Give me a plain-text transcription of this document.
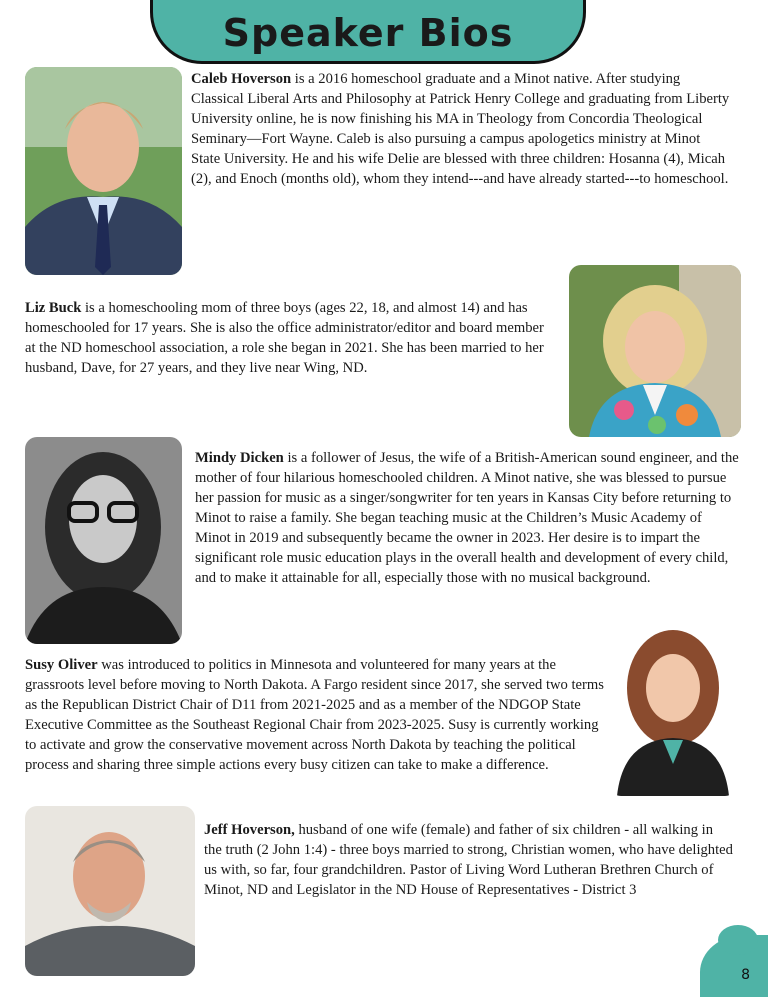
Speaker Bios

Caleb Hoverson is a 2016 homeschool graduate and a Minot native. After studying Classical Liberal Arts and Philosophy at Patrick Henry College and graduating from Liberty University online, he is now finishing his MA in Theology from Concordia Theological Seminary—Fort Wayne. Caleb is also pursuing a campus apologetics ministry at Minot State University. He and his wife Delie are blessed with three children: Hosanna (4), Micah (2), and Enoch (months old), whom they intend---and have already started---to homeschool.

Liz Buck is a homeschooling mom of three boys (ages 22, 18, and almost 14) and has homeschooled for 17 years. She is also the office administrator/editor and board member at the ND homeschool association, a role she began in 2021. She has been married to her husband, Dave, for 27 years, and they live near Wing, ND.

Mindy Dicken is a follower of Jesus, the wife of a British-American sound engineer, and the mother of four hilarious homeschooled children. A Minot native, she was blessed to pursue her passion for music as a singer/songwriter for ten years in Kansas City before returning to Minot to raise a family. She began teaching music at the Children’s Music Academy of Minot in 2019 and subsequently became the owner in 2023. Her desire is to impart the significant role music education plays in the overall health and development of every child, and to make it attainable for all, especially those with no musical background.

Susy Oliver was introduced to politics in Minnesota and volunteered for many years at the grassroots level before moving to North Dakota. A Fargo resident since 2017, she served two terms as the Republican District Chair of D11 from 2021-2025 and as a member of the NDGOP State Executive Committee as the Southeast Regional Chair from 2023-2025. Susy is currently working to activate and grow the conservative movement across North Dakota by teaching the political process and sharing three simple actions every busy citizen can take to make a difference.

Jeff Hoverson, husband of one wife (female) and father of six children - all walking in the truth (2 John 1:4) - three boys married to strong, Christian women, who have delighted us with, so far, four grandchildren. Pastor of Living Word Lutheran Brethren Church of Minot, ND and Legislator in the ND House of Representatives - District 3

8
